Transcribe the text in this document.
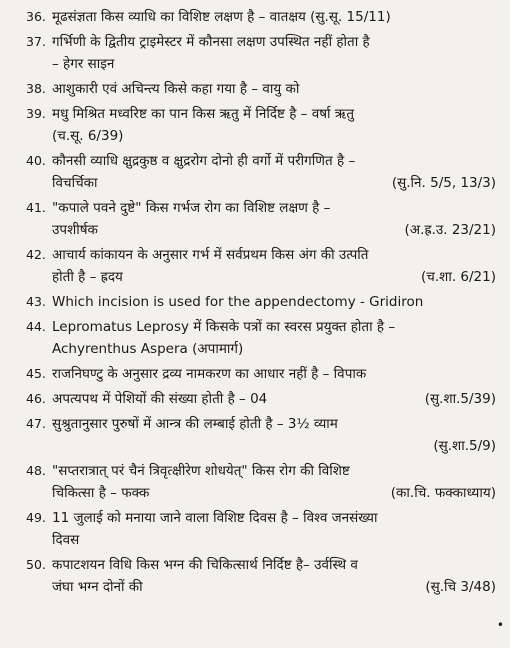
•
36. मूढसंज्ञता किस व्याधि का विशिष्ट लक्षण है – वातक्षय (सु.सू. 15/11)
37. गर्भिणी के द्वितीय ट्राइमेस्टर में कौनसा लक्षण उपस्थित नहीं होता है
– हेगर साइन
38. आशुकारी एवं अचिन्त्य किसे कहा गया है – वायु को
39. मधु मिश्रित मध्वरिष्ट का पान किस ऋतु में निर्दिष्ट है – वर्षा ऋतु
(च.सू. 6/39)
40. कौनसी व्याधि क्षुद्रकुष्ठ व क्षुद्ररोग दोनो ही वर्गो में परीगणित है –
विचर्चिका	(सु.नि. 5/5, 13/3)
41. "कपाले पवने दुष्टे" किस गर्भज रोग का विशिष्ट लक्षण है –
उपशीर्षक	(अ.ह्र.उ. 23/21)
42. आचार्य कांकायन के अनुसार गर्भ में सर्वप्रथम किस अंग की उत्पति
होती है – ह्रदय	(च.शा. 6/21)
43. Which incision is used for the appendectomy - Gridiron
44. Lepromatus Leprosy में किसके पत्रों का स्वरस प्रयुक्त होता है –
Achyrenthus Aspera (अपामार्ग)
45. राजनिघण्टु के अनुसार द्रव्य नामकरण का आधार नहीं है – विपाक
46. अपत्यपथ में पेशियों की संख्या होती है – 04	(सु.शा.5/39)
47. सुश्रुतानुसार पुरुषों में आन्त्र की लम्बाई होती है – 3½ व्याम
(सु.शा.5/9)
48. "सप्तरात्रात् परं चैनं त्रिवृत्क्षीरेण शोधयेत्" किस रोग की विशिष्ट
चिकित्सा है – फक्क	(का.चि. फक्काध्याय)
49. 11 जुलाई को मनाया जाने वाला विशिष्ट दिवस है – विश्व जनसंख्या
दिवस
50. कपाटशयन विधि किस भग्न की चिकित्सार्थ निर्दिष्ट है– उर्वस्थि व
जंघा भग्न दोनों की	(सु.चि 3/48)
